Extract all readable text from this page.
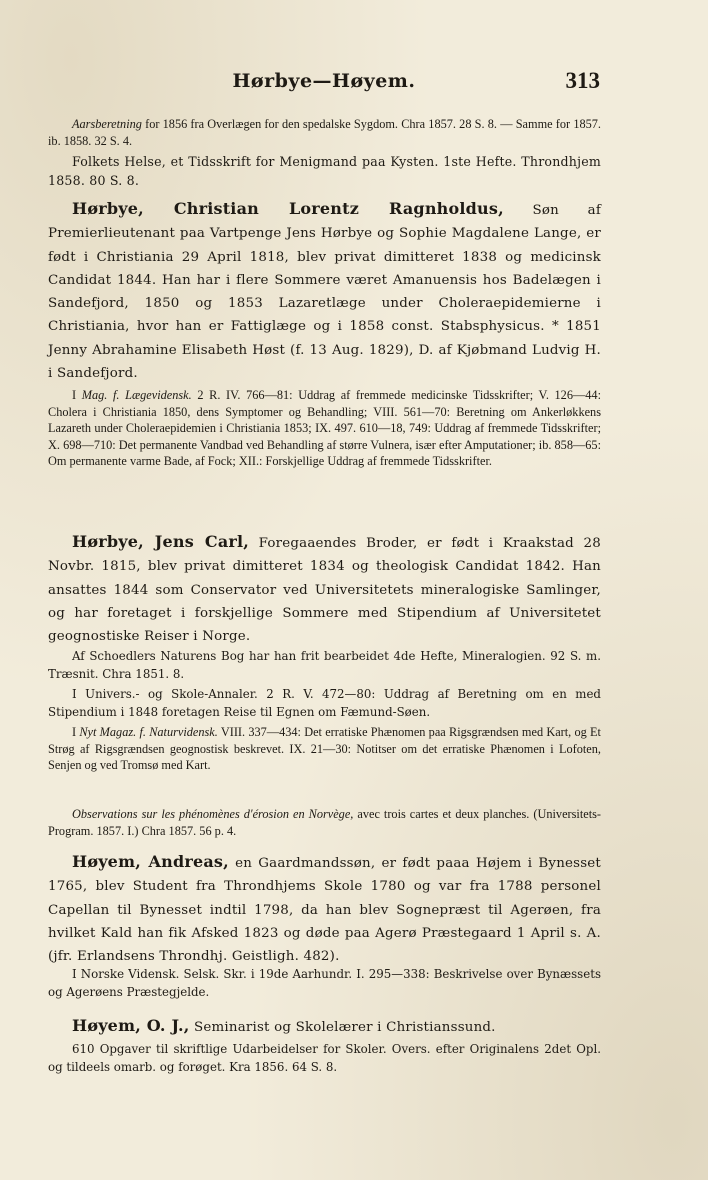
Hørbye—Høyem.	313

Aarsberetning for 1856 fra Overlægen for den spedalske Sygdom. Chra 1857. 28 S. 8. — Samme for 1857. ib. 1858. 32 S. 4.

Folkets Helse, et Tidsskrift for Menigmand paa Kysten. 1ste Hefte. Throndhjem 1858. 80 S. 8.

Hørbye, Christian Lorentz Ragnholdus, Søn af Premierlieutenant paa Vartpenge Jens Hørbye og Sophie Magdalene Lange, er født i Christiania 29 April 1818, blev privat dimitteret 1838 og medicinsk Candidat 1844. Han har i flere Sommere været Amanuensis hos Badelægen i Sandefjord, 1850 og 1853 Lazaretlæge under Choleraepidemierne i Christiania, hvor han er Fattiglæge og i 1858 const. Stabsphysicus. * 1851 Jenny Abrahamine Elisabeth Høst (f. 13 Aug. 1829), D. af Kjøbmand Ludvig H. i Sandefjord.

I Mag. f. Lægevidensk. 2 R. IV. 766—81: Uddrag af fremmede medicinske Tidsskrifter; V. 126—44: Cholera i Christiania 1850, dens Symptomer og Behandling; VIII. 561—70: Beretning om Ankerløkkens Lazareth under Choleraepidemien i Christiania 1853; IX. 497. 610—18, 749: Uddrag af fremmede Tidsskrifter; X. 698—710: Det permanente Vandbad ved Behandling af større Vulnera, især efter Amputationer; ib. 858—65: Om permanente varme Bade, af Fock; XII.: Forskjellige Uddrag af fremmede Tidsskrifter.

Hørbye, Jens Carl, Foregaaendes Broder, er født i Kraakstad 28 Novbr. 1815, blev privat dimitteret 1834 og theologisk Candidat 1842. Han ansattes 1844 som Conservator ved Universitetets mineralogiske Samlinger, og har foretaget i forskjellige Sommere med Stipendium af Universitetet geognostiske Reiser i Norge.

Af Schoedlers Naturens Bog har han frit bearbeidet 4de Hefte, Mineralogien. 92 S. m. Træsnit. Chra 1851. 8.

I Univers.- og Skole-Annaler. 2 R. V. 472—80: Uddrag af Beretning om en med Stipendium i 1848 foretagen Reise til Egnen om Fæmund-Søen.

I Nyt Magaz. f. Naturvidensk. VIII. 337—434: Det erratiske Phænomen paa Rigsgrændsen med Kart, og Et Strøg af Rigsgrændsen geognostisk beskrevet. IX. 21—30: Notitser om det erratiske Phænomen i Lofoten, Senjen og ved Tromsø med Kart.

Observations sur les phénomènes d'érosion en Norvège, avec trois cartes et deux planches. (Universitets-Program. 1857. I.) Chra 1857. 56 p. 4.

Høyem, Andreas, en Gaardmandssøn, er født paaa Højem i Bynesset 1765, blev Student fra Throndhjems Skole 1780 og var fra 1788 personel Capellan til Bynesset indtil 1798, da han blev Sognepræst til Agerøen, fra hvilket Kald han fik Afsked 1823 og døde paa Agerø Præstegaard 1 April s. A. (jfr. Erlandsens Throndhj. Geistligh. 482).

I Norske Vidensk. Selsk. Skr. i 19de Aarhundr. I. 295—338: Beskrivelse over Bynæssets og Agerøens Præstegjelde.

Høyem, O. J., Seminarist og Skolelærer i Christianssund.

610 Opgaver til skriftlige Udarbeidelser for Skoler. Overs. efter Originalens 2det Opl. og tildeels omarb. og forøget. Kra 1856. 64 S. 8.
